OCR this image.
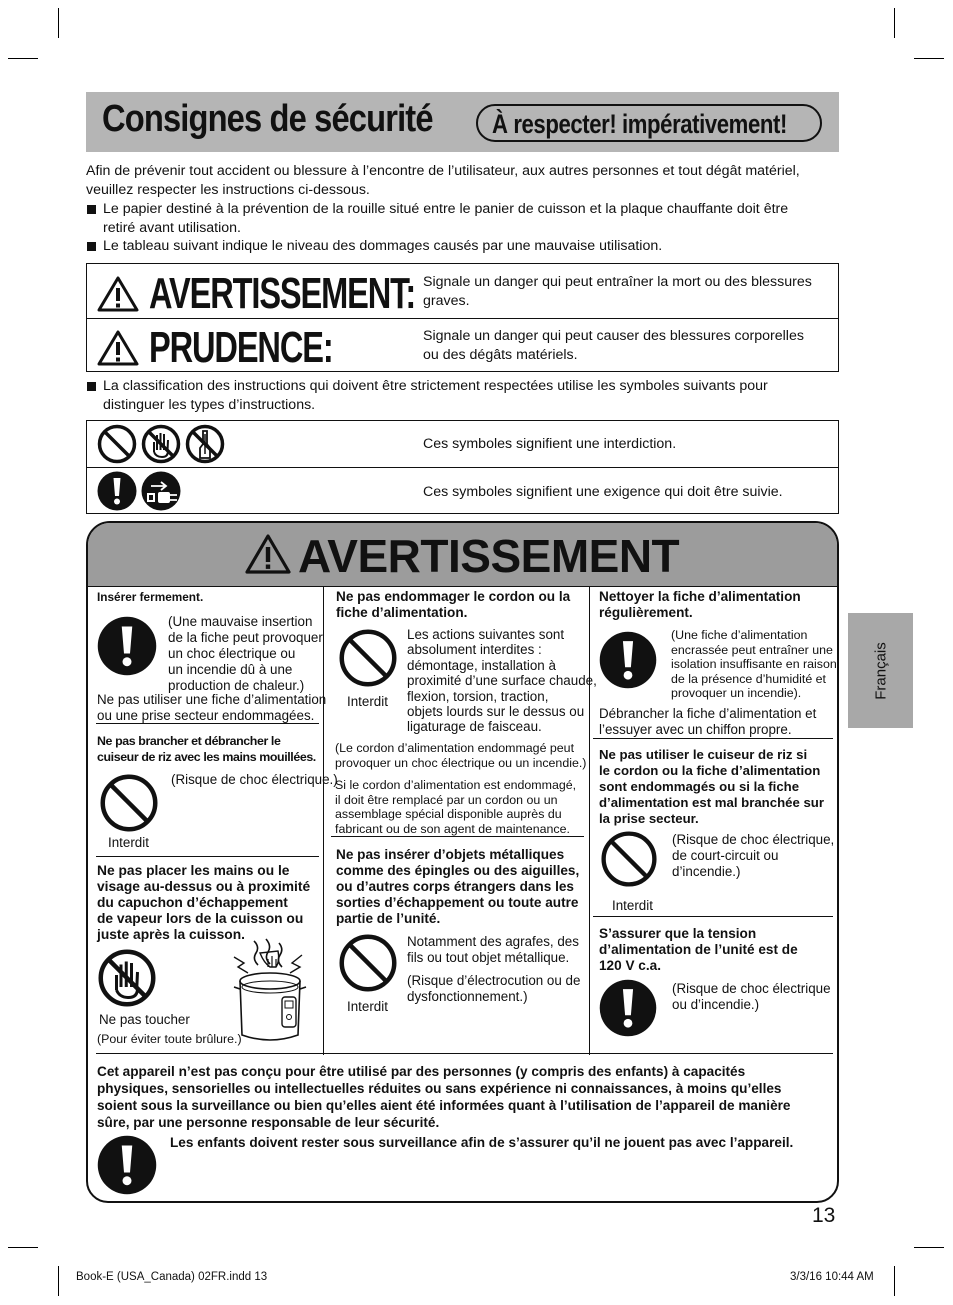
Consignes de sécurité À respecter! impérativement!
Afin de prévenir tout accident ou blessure à l’encontre de l’utilisateur, aux autres personnes et tout dégât matériel,
veuillez respecter les instructions ci-dessous.
Le papier destiné à la prévention de la rouille situé entre le panier de cuisson et la plaque chauffante doit être
retiré avant utilisation.
Le tableau suivant indique le niveau des dommages causés par une mauvaise utilisation.
AVERTISSEMENT: Signale un danger qui peut entraîner la mort ou des blessures
graves.
PRUDENCE:	Signale un danger qui peut causer des blessures corporelles
ou des dégâts matériels.
La classification des instructions qui doivent être strictement respectées utilise les symboles suivants pour
distinguer les types d’instructions.
Ces symboles signifient une interdiction.
Ces symboles signifient une exigence qui doit être suivie.
AVERTISSEMENT
Insérer fermement.
(Une mauvaise insertion
de la fiche peut provoquer
un choc électrique ou
un incendie dû à une
production de chaleur.)
Ne pas utiliser une fiche d’alimentation
ou une prise secteur endommagées.
Ne pas brancher et débrancher le
cuiseur de riz avec les mains mouillées.
(Risque de choc électrique.)
Interdit
Ne pas placer les mains ou le
visage au-dessus ou à proximité
du capuchon d’échappement
de vapeur lors de la cuisson ou
juste après la cuisson.
Ne pas toucher
(Pour éviter toute brûlure.)
Ne pas endommager le cordon ou la
fiche d’alimentation.
Interdit
Les actions suivantes sont
absolument interdites :
démontage, installation à
proximité d’une surface chaude,
flexion, torsion, traction,
objets lourds sur le dessus ou
ligaturage de faisceau.
(Le cordon d’alimentation endommagé peut
provoquer un choc électrique ou un incendie.)
Si le cordon d’alimentation est endommagé,
il doit être remplacé par un cordon ou un
assemblage spécial disponible auprès du
fabricant ou de son agent de maintenance.
Ne pas insérer d’objets métalliques
comme des épingles ou des aiguilles,
ou d’autres corps étrangers dans les
sorties d’échappement ou toute autre
partie de l’unité.
Interdit
Notamment des agrafes, des
fils ou tout objet métallique.
(Risque d’électrocution ou de
dysfonctionnement.)
Nettoyer la fiche d’alimentation
régulièrement.
(Une fiche d’alimentation
encrassée peut entraîner une
isolation insuffisante en raison
de la présence d’humidité et
provoquer un incendie).
Débrancher la fiche d’alimentation et
l’essuyer avec un chiffon propre.
Ne pas utiliser le cuiseur de riz si
le cordon ou la fiche d’alimentation
sont endommagés ou si la fiche
d’alimentation est mal branchée sur
la prise secteur.
(Risque de choc électrique,
de court-circuit ou
d’incendie.)
Interdit
S’assurer que la tension
d’alimentation de l’unité est de
120 V c.a.
(Risque de choc électrique
ou d’incendie.)
Cet appareil n’est pas conçu pour être utilisé par des personnes (y compris des enfants) à capacités
physiques, sensorielles ou intellectuelles réduites ou sans expérience ni connaissances, à moins qu’elles
soient sous la surveillance ou bien qu’elles aient été informées quant à l’utilisation de l’appareil de manière
sûre, par une personne responsable de leur sécurité.
Les enfants doivent rester sous surveillance afin de s’assurer qu’il ne jouent pas avec l’appareil.
Français
13
Book-E (USA_Canada) 02FR.indd 13	3/3/16 10:44 AM
